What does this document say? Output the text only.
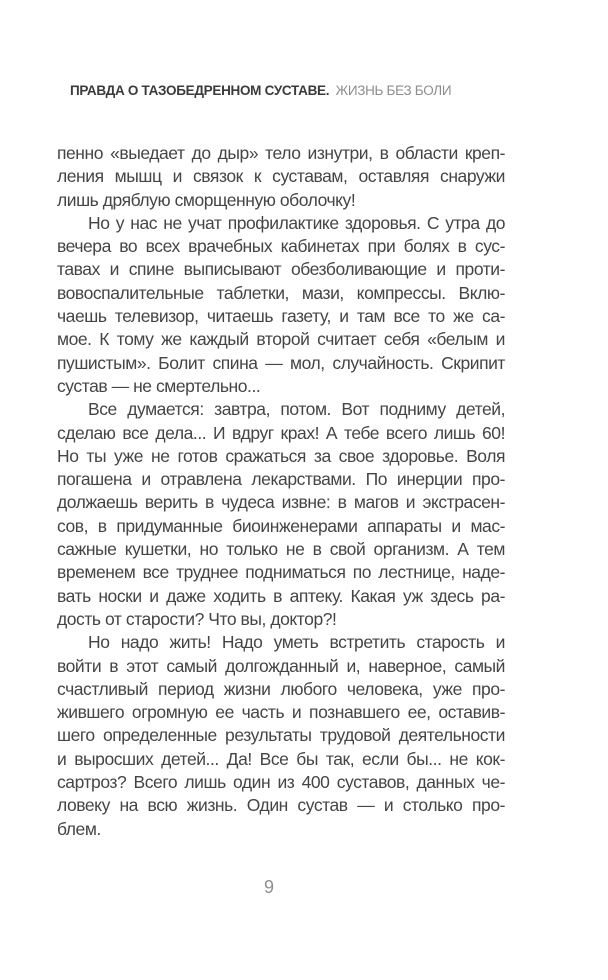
ПРАВДА О ТАЗОБЕДРЕННОМ СУСТАВЕ. ЖИЗНЬ БЕЗ БОЛИ
пенно «выедает до дыр» тело изнутри, в области креп-
ления мышц и связок к суставам, оставляя снаружи
лишь дряблую сморщенную оболочку!
Но у нас не учат профилактике здоровья. С утра до
вечера во всех врачебных кабинетах при болях в сус-
тавах и спине выписывают обезболивающие и проти-
вовоспалительные таблетки, мази, компрессы. Вклю-
чаешь телевизор, читаешь газету, и там все то же са-
мое. К тому же каждый второй считает себя «белым и
пушистым». Болит спина — мол, случайность. Скрипит
сустав — не смертельно...
Все думается: завтра, потом. Вот подниму детей,
сделаю все дела... И вдруг крах! А тебе всего лишь 60!
Но ты уже не готов сражаться за свое здоровье. Воля
погашена и отравлена лекарствами. По инерции про-
должаешь верить в чудеса извне: в магов и экстрасен-
сов, в придуманные биоинженерами аппараты и мас-
сажные кушетки, но только не в свой организм. А тем
временем все труднее подниматься по лестнице, наде-
вать носки и даже ходить в аптеку. Какая уж здесь ра-
дость от старости? Что вы, доктор?!
Но надо жить! Надо уметь встретить старость и
войти в этот самый долгожданный и, наверное, самый
счастливый период жизни любого человека, уже про-
жившего огромную ее часть и познавшего ее, оставив-
шего определенные результаты трудовой деятельности
и выросших детей... Да! Все бы так, если бы... не кок-
сартроз? Всего лишь один из 400 суставов, данных че-
ловеку на всю жизнь. Один сустав — и столько про-
блем.
9
